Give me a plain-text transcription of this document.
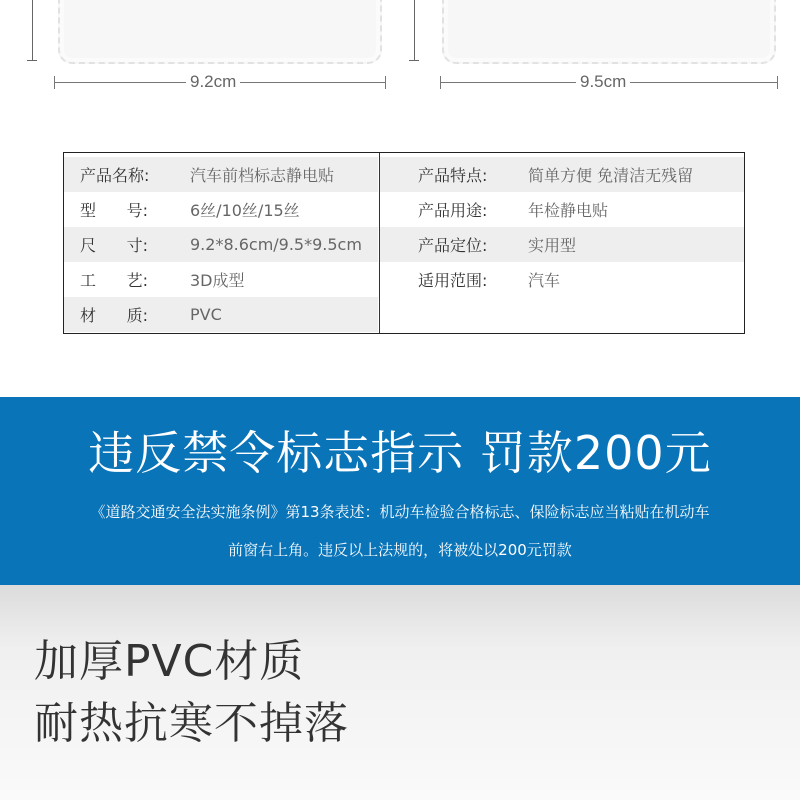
9.2cm	9.5cm
产品名称:	汽车前档标志静电贴
型 号:	6丝/10丝/15丝
尺 寸:	9.2*8.6cm/9.5*9.5cm
工 艺:	3D成型
材 质:	PVC
产品特点:	简单方便 免清洁无残留
产品用途:	年检静电贴
产品定位:	实用型
适用范围:	汽车
违反禁令标志指示 罚款200元
《道路交通安全法实施条例》第13条表述：机动车检验合格标志、保险标志应当粘贴在机动车
前窗右上角。违反以上法规的，将被处以200元罚款
加厚PVC材质
耐热抗寒不掉落
